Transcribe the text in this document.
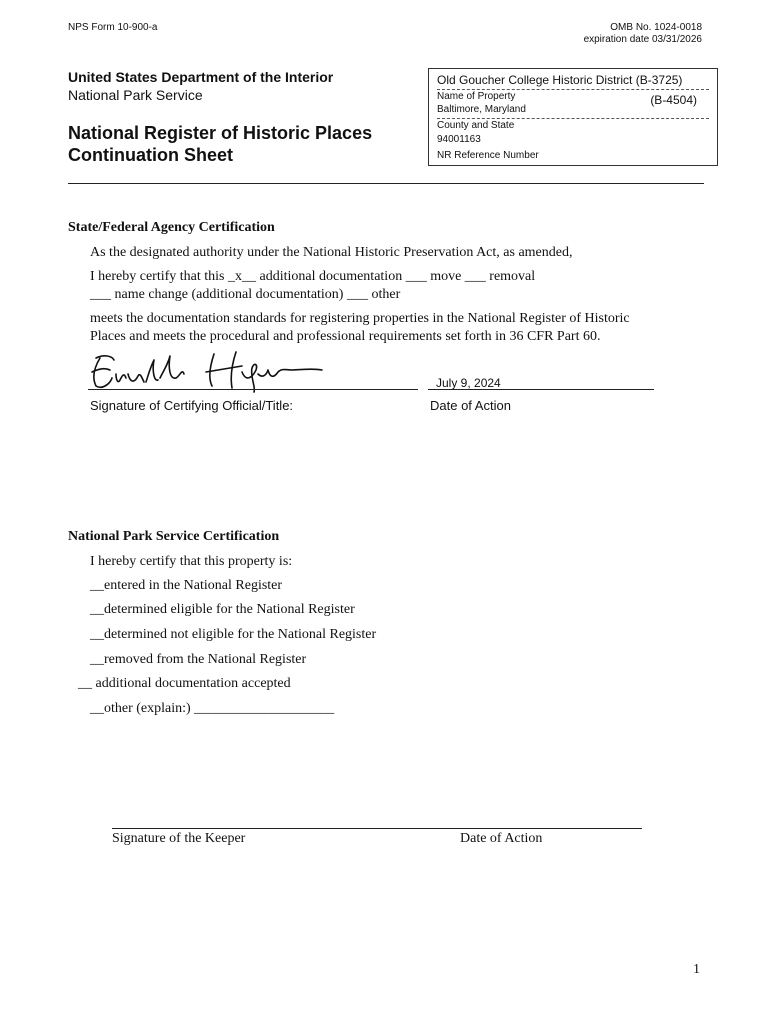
NPS Form 10-900-a	OMB No. 1024-0018
expiration date 03/31/2026
United States Department of the Interior
National Park Service
National Register of Historic Places
Continuation Sheet
Old Goucher College Historic District (B-3725)
Name of Property	(B-4504)
Baltimore, Maryland
County and State
94001163
NR Reference Number
State/Federal Agency Certification
As the designated authority under the National Historic Preservation Act, as amended,
I hereby certify that this _x__ additional documentation ___ move ___ removal
___ name change (additional documentation) ___ other
meets the documentation standards for registering properties in the National Register of Historic
Places and meets the procedural and professional requirements set forth in 36 CFR Part 60.
July 9, 2024
Signature of Certifying Official/Title:	Date of Action
National Park Service Certification
I hereby certify that this property is:
__entered in the National Register
__determined eligible for the National Register
__determined not eligible for the National Register
__removed from the National Register
__ additional documentation accepted
__other (explain:) ____________________
Signature of the Keeper	Date of Action
1
